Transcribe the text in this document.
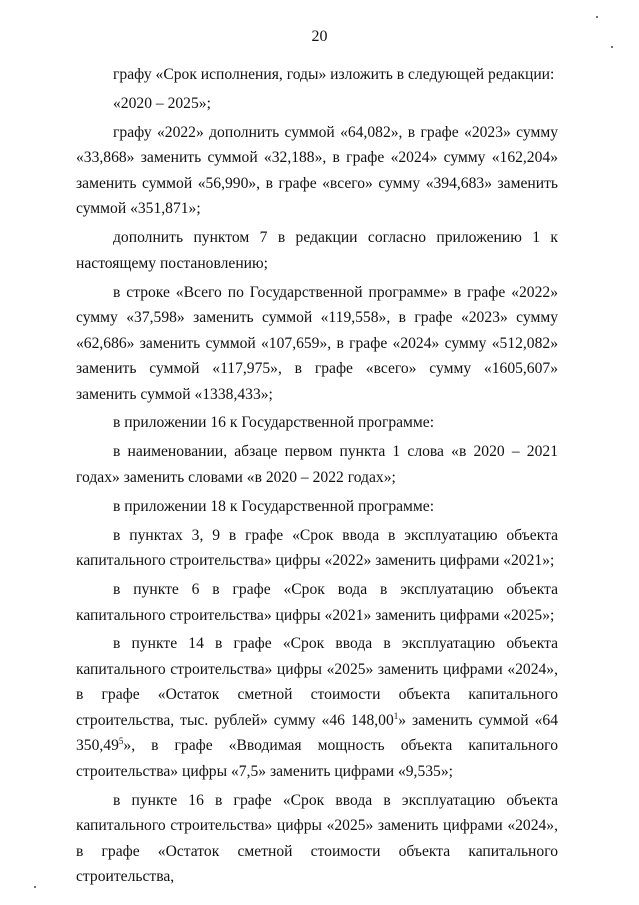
20

графу «Срок исполнения, годы» изложить в следующей редакции:

«2020 – 2025»;

графу «2022» дополнить суммой «64,082», в графе «2023» сумму «33,868» заменить суммой «32,188», в графе «2024» сумму «162,204» заменить суммой «56,990», в графе «всего» сумму «394,683» заменить суммой «351,871»;

дополнить пунктом 7 в редакции согласно приложению 1 к настоящему постановлению;

в строке «Всего по Государственной программе» в графе «2022» сумму «37,598» заменить суммой «119,558», в графе «2023» сумму «62,686» заменить суммой «107,659», в графе «2024» сумму «512,082» заменить суммой «117,975», в графе «всего» сумму «1605,607» заменить суммой «1338,433»;

в приложении 16 к Государственной программе:

в наименовании, абзаце первом пункта 1 слова «в 2020 – 2021 годах» заменить словами «в 2020 – 2022 годах»;

в приложении 18 к Государственной программе:

в пунктах 3, 9 в графе «Срок ввода в эксплуатацию объекта капитального строительства» цифры «2022» заменить цифрами «2021»;

в пункте 6 в графе «Срок вода в эксплуатацию объекта капитального строительства» цифры «2021» заменить цифрами «2025»;

в пункте 14 в графе «Срок ввода в эксплуатацию объекта капитального строительства» цифры «2025» заменить цифрами «2024», в графе «Остаток сметной стоимости объекта капитального строительства, тыс. рублей» сумму «46 148,00$^1$» заменить суммой «64 350,49$^5$», в графе «Вводимая мощность объекта капитального строительства» цифры «7,5» заменить цифрами «9,535»;

в пункте 16 в графе «Срок ввода в эксплуатацию объекта капитального строительства» цифры «2025» заменить цифрами «2024», в графе «Остаток сметной стоимости объекта капитального строительства,
